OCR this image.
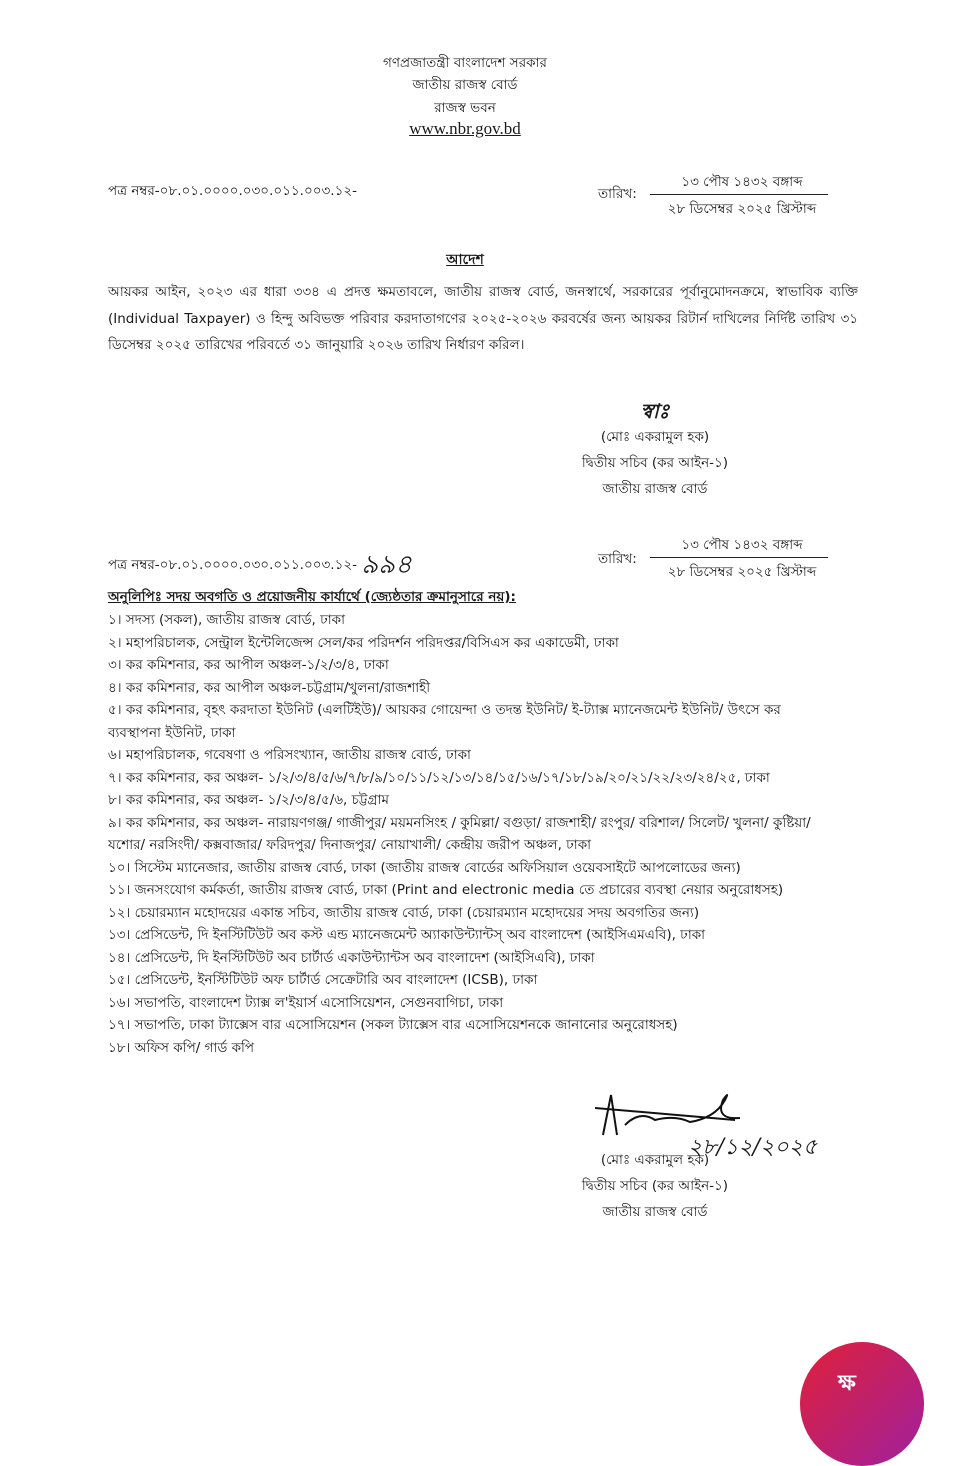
গণপ্রজাতন্ত্রী বাংলাদেশ সরকার
জাতীয় রাজস্ব বোর্ড
রাজস্ব ভবন
www.nbr.gov.bd
পত্র নম্বর-০৮.০১.০০০০.০৩০.০১১.০০৩.১২-	তারিখ:
১৩ পৌষ ১৪৩২ বঙ্গাব্দ
২৮ ডিসেম্বর ২০২৫ খ্রিস্টাব্দ
আদেশ
আয়কর আইন, ২০২৩ এর ধারা ৩৩৪ এ প্রদত্ত ক্ষমতাবলে, জাতীয় রাজস্ব বোর্ড, জনস্বার্থে, সরকারের পূর্বানুমোদনক্রমে, স্বাভাবিক ব্যক্তি (Individual Taxpayer) ও হিন্দু অবিভক্ত পরিবার করদাতাগণের ২০২৫-২০২৬ করবর্ষের জন্য আয়কর রিটার্ন দাখিলের নির্দিষ্ট তারিখ ৩১ ডিসেম্বর ২০২৫ তারিখের পরিবর্তে ৩১ জানুয়ারি ২০২৬ তারিখ নির্ধারণ করিল।
স্বাঃ
(মোঃ একরামুল হক)
দ্বিতীয় সচিব (কর আইন-১)
জাতীয় রাজস্ব বোর্ড
পত্র নম্বর-০৮.০১.০০০০.০৩০.০১১.০০৩.১২- ৯৯৪	তারিখ:
১৩ পৌষ ১৪৩২ বঙ্গাব্দ
২৮ ডিসেম্বর ২০২৫ খ্রিস্টাব্দ
অনুলিপিঃ সদয় অবগতি ও প্রয়োজনীয় কার্যার্থে (জ্যেষ্ঠতার ক্রমানুসারে নয়):
১। সদস্য (সকল), জাতীয় রাজস্ব বোর্ড, ঢাকা
২। মহাপরিচালক, সেন্ট্রাল ইন্টেলিজেন্স সেল/কর পরিদর্শন পরিদপ্তর/বিসিএস কর একাডেমী, ঢাকা
৩। কর কমিশনার, কর আপীল অঞ্চল-১/২/৩/৪, ঢাকা
৪। কর কমিশনার, কর আপীল অঞ্চল-চট্টগ্রাম/খুলনা/রাজশাহী
৫। কর কমিশনার, বৃহৎ করদাতা ইউনিট (এলটিইউ)/ আয়কর গোয়েন্দা ও তদন্ত ইউনিট/ ই-ট্যাক্স ম্যানেজমেন্ট ইউনিট/ উৎসে কর ব্যবস্থাপনা ইউনিট, ঢাকা
৬। মহাপরিচালক, গবেষণা ও পরিসংখ্যান, জাতীয় রাজস্ব বোর্ড, ঢাকা
৭। কর কমিশনার, কর অঞ্চল- ১/২/৩/৪/৫/৬/৭/৮/৯/১০/১১/১২/১৩/১৪/১৫/১৬/১৭/১৮/১৯/২০/২১/২২/২৩/২৪/২৫, ঢাকা
৮। কর কমিশনার, কর অঞ্চল- ১/২/৩/৪/৫/৬, চট্টগ্রাম
৯। কর কমিশনার, কর অঞ্চল- নারায়ণগঞ্জ/ গাজীপুর/ ময়মনসিংহ / কুমিল্লা/ বগুড়া/ রাজশাহী/ রংপুর/ বরিশাল/ সিলেট/ খুলনা/ কুষ্টিয়া/ যশোর/ নরসিংদী/ কক্সবাজার/ ফরিদপুর/ দিনাজপুর/ নোয়াখালী/ কেন্দ্রীয় জরীপ অঞ্চল, ঢাকা
১০। সিস্টেম ম্যানেজার, জাতীয় রাজস্ব বোর্ড, ঢাকা (জাতীয় রাজস্ব বোর্ডের অফিসিয়াল ওয়েবসাইটে আপলোডের জন্য)
১১। জনসংযোগ কর্মকর্তা, জাতীয় রাজস্ব বোর্ড, ঢাকা (Print and electronic media তে প্রচারের ব্যবস্থা নেয়ার অনুরোধসহ)
১২। চেয়ারম্যান মহোদয়ের একান্ত সচিব, জাতীয় রাজস্ব বোর্ড, ঢাকা (চেয়ারম্যান মহোদয়ের সদয় অবগতির জন্য)
১৩। প্রেসিডেন্ট, দি ইনস্টিটিউট অব কস্ট এন্ড ম্যানেজমেন্ট অ্যাকাউন্ট্যান্টস্ অব বাংলাদেশ (আইসিএমএবি), ঢাকা
১৪। প্রেসিডেন্ট, দি ইনস্টিটিউট অব চার্টার্ড একাউন্ট্যান্টস অব বাংলাদেশ (আইসিএবি), ঢাকা
১৫। প্রেসিডেন্ট, ইনস্টিটিউট অফ চার্টার্ড সেক্রেটারি অব বাংলাদেশ (ICSB), ঢাকা
১৬। সভাপতি, বাংলাদেশ ট্যাক্স ল'ইয়ার্স এসোসিয়েশন, সেগুনবাগিচা, ঢাকা
১৭। সভাপতি, ঢাকা ট্যাক্সেস বার এসোসিয়েশন (সকল ট্যাক্সেস বার এসোসিয়েশনকে জানানোর অনুরোধসহ)
১৮। অফিস কপি/ গার্ড কপি
২৮/১২/২০২৫
(মোঃ একরামুল হক)
দ্বিতীয় সচিব (কর আইন-১)
জাতীয় রাজস্ব বোর্ড
ক্ষ
